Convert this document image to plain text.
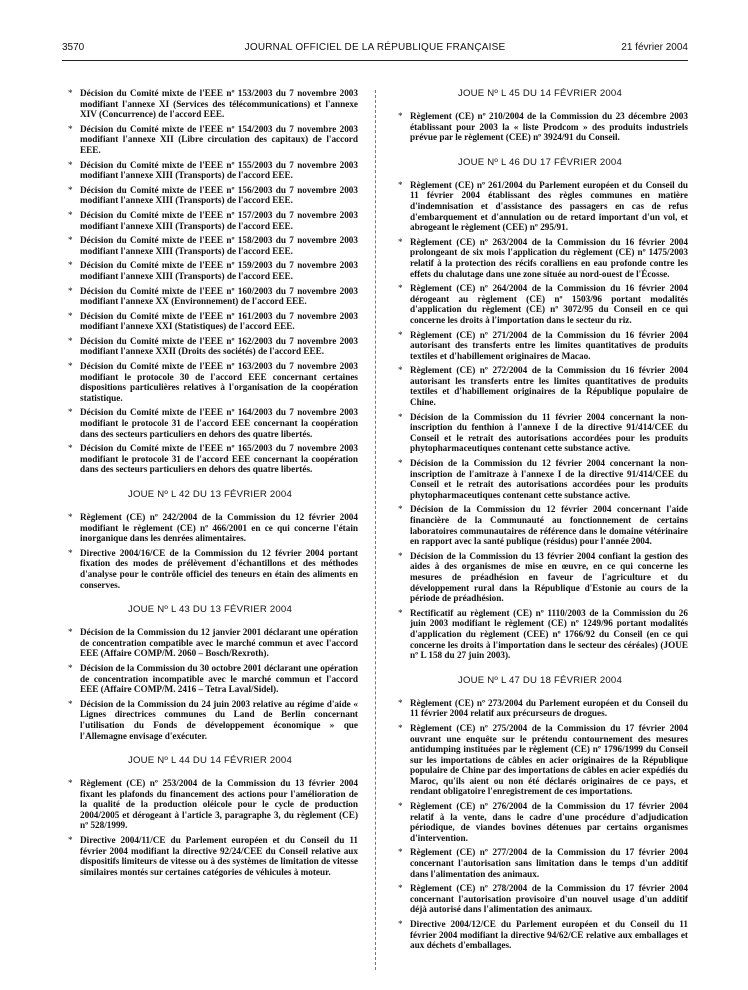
3570	JOURNAL OFFICIEL DE LA RÉPUBLIQUE FRANÇAISE	21 février 2004
* Décision du Comité mixte de l'EEE nº 153/2003 du 7 novembre 2003 modifiant l'annexe XI (Services des télécommunications) et l'annexe XIV (Concurrence) de l'accord EEE.
* Décision du Comité mixte de l'EEE nº 154/2003 du 7 novembre 2003 modifiant l'annexe XII (Libre circulation des capitaux) de l'accord EEE.
* Décision du Comité mixte de l'EEE nº 155/2003 du 7 novembre 2003 modifiant l'annexe XIII (Transports) de l'accord EEE.
* Décision du Comité mixte de l'EEE nº 156/2003 du 7 novembre 2003 modifiant l'annexe XIII (Transports) de l'accord EEE.
* Décision du Comité mixte de l'EEE nº 157/2003 du 7 novembre 2003 modifiant l'annexe XIII (Transports) de l'accord EEE.
* Décision du Comité mixte de l'EEE nº 158/2003 du 7 novembre 2003 modifiant l'annexe XIII (Transports) de l'accord EEE.
* Décision du Comité mixte de l'EEE nº 159/2003 du 7 novembre 2003 modifiant l'annexe XIII (Transports) de l'accord EEE.
* Décision du Comité mixte de l'EEE nº 160/2003 du 7 novembre 2003 modifiant l'annexe XX (Environnement) de l'accord EEE.
* Décision du Comité mixte de l'EEE nº 161/2003 du 7 novembre 2003 modifiant l'annexe XXI (Statistiques) de l'accord EEE.
* Décision du Comité mixte de l'EEE nº 162/2003 du 7 novembre 2003 modifiant l'annexe XXII (Droits des sociétés) de l'accord EEE.
* Décision du Comité mixte de l'EEE nº 163/2003 du 7 novembre 2003 modifiant le protocole 30 de l'accord EEE concernant certaines dispositions particulières relatives à l'organisation de la coopération statistique.
* Décision du Comité mixte de l'EEE nº 164/2003 du 7 novembre 2003 modifiant le protocole 31 de l'accord EEE concernant la coopération dans des secteurs particuliers en dehors des quatre libertés.
* Décision du Comité mixte de l'EEE nº 165/2003 du 7 novembre 2003 modifiant le protocole 31 de l'accord EEE concernant la coopération dans des secteurs particuliers en dehors des quatre libertés.
JOUE Nº L 42 DU 13 FÉVRIER 2004
* Règlement (CE) nº 242/2004 de la Commission du 12 février 2004 modifiant le règlement (CE) nº 466/2001 en ce qui concerne l'étain inorganique dans les denrées alimentaires.
* Directive 2004/16/CE de la Commission du 12 février 2004 portant fixation des modes de prélèvement d'échantillons et des méthodes d'analyse pour le contrôle officiel des teneurs en étain des aliments en conserves.
JOUE Nº L 43 DU 13 FÉVRIER 2004
* Décision de la Commission du 12 janvier 2001 déclarant une opération de concentration compatible avec le marché commun et avec l'accord EEE (Affaire COMP/M. 2060 – Bosch/Rexroth).
* Décision de la Commission du 30 octobre 2001 déclarant une opération de concentration incompatible avec le marché commun et l'accord EEE (Affaire COMP/M. 2416 – Tetra Laval/Sidel).
* Décision de la Commission du 24 juin 2003 relative au régime d'aide « Lignes directrices communes du Land de Berlin concernant l'utilisation du Fonds de développement économique » que l'Allemagne envisage d'exécuter.
JOUE Nº L 44 DU 14 FÉVRIER 2004
* Règlement (CE) nº 253/2004 de la Commission du 13 février 2004 fixant les plafonds du financement des actions pour l'amélioration de la qualité de la production oléicole pour le cycle de production 2004/2005 et dérogeant à l'article 3, paragraphe 3, du règlement (CE) nº 528/1999.
* Directive 2004/11/CE du Parlement européen et du Conseil du 11 février 2004 modifiant la directive 92/24/CEE du Conseil relative aux dispositifs limiteurs de vitesse ou à des systèmes de limitation de vitesse similaires montés sur certaines catégories de véhicules à moteur.
JOUE Nº L 45 DU 14 FÉVRIER 2004
* Règlement (CE) nº 210/2004 de la Commission du 23 décembre 2003 établissant pour 2003 la « liste Prodcom » des produits industriels prévue par le règlement (CEE) nº 3924/91 du Conseil.
JOUE Nº L 46 DU 17 FÉVRIER 2004
* Règlement (CE) nº 261/2004 du Parlement européen et du Conseil du 11 février 2004 établissant des règles communes en matière d'indemnisation et d'assistance des passagers en cas de refus d'embarquement et d'annulation ou de retard important d'un vol, et abrogeant le règlement (CEE) nº 295/91.
* Règlement (CE) nº 263/2004 de la Commission du 16 février 2004 prolongeant de six mois l'application du règlement (CE) nº 1475/2003 relatif à la protection des récifs coralliens en eau profonde contre les effets du chalutage dans une zone située au nord-ouest de l'Écosse.
* Règlement (CE) nº 264/2004 de la Commission du 16 février 2004 dérogeant au règlement (CE) nº 1503/96 portant modalités d'application du règlement (CE) nº 3072/95 du Conseil en ce qui concerne les droits à l'importation dans le secteur du riz.
* Règlement (CE) nº 271/2004 de la Commission du 16 février 2004 autorisant des transferts entre les limites quantitatives de produits textiles et d'habillement originaires de Macao.
* Règlement (CE) nº 272/2004 de la Commission du 16 février 2004 autorisant les transferts entre les limites quantitatives de produits textiles et d'habillement originaires de la République populaire de Chine.
* Décision de la Commission du 11 février 2004 concernant la non-inscription du fenthion à l'annexe I de la directive 91/414/CEE du Conseil et le retrait des autorisations accordées pour les produits phytopharmaceutiques contenant cette substance active.
* Décision de la Commission du 12 février 2004 concernant la non-inscription de l'amitraze à l'annexe I de la directive 91/414/CEE du Conseil et le retrait des autorisations accordées pour les produits phytopharmaceutiques contenant cette substance active.
* Décision de la Commission du 12 février 2004 concernant l'aide financière de la Communauté au fonctionnement de certains laboratoires communautaires de référence dans le domaine vétérinaire en rapport avec la santé publique (résidus) pour l'année 2004.
* Décision de la Commission du 13 février 2004 confiant la gestion des aides à des organismes de mise en œuvre, en ce qui concerne les mesures de préadhésion en faveur de l'agriculture et du développement rural dans la République d'Estonie au cours de la période de préadhésion.
* Rectificatif au règlement (CE) nº 1110/2003 de la Commission du 26 juin 2003 modifiant le règlement (CE) nº 1249/96 portant modalités d'application du règlement (CEE) nº 1766/92 du Conseil (en ce qui concerne les droits à l'importation dans le secteur des céréales) (JOUE nº L 158 du 27 juin 2003).
JOUE Nº L 47 DU 18 FÉVRIER 2004
* Règlement (CE) nº 273/2004 du Parlement européen et du Conseil du 11 février 2004 relatif aux précurseurs de drogues.
* Règlement (CE) nº 275/2004 de la Commission du 17 février 2004 ouvrant une enquête sur le prétendu contournement des mesures antidumping instituées par le règlement (CE) nº 1796/1999 du Conseil sur les importations de câbles en acier originaires de la République populaire de Chine par des importations de câbles en acier expédiés du Maroc, qu'ils aient ou non été déclarés originaires de ce pays, et rendant obligatoire l'enregistrement de ces importations.
* Règlement (CE) nº 276/2004 de la Commission du 17 février 2004 relatif à la vente, dans le cadre d'une procédure d'adjudication périodique, de viandes bovines détenues par certains organismes d'intervention.
* Règlement (CE) nº 277/2004 de la Commission du 17 février 2004 concernant l'autorisation sans limitation dans le temps d'un additif dans l'alimentation des animaux.
* Règlement (CE) nº 278/2004 de la Commission du 17 février 2004 concernant l'autorisation provisoire d'un nouvel usage d'un additif déjà autorisé dans l'alimentation des animaux.
* Directive 2004/12/CE du Parlement européen et du Conseil du 11 février 2004 modifiant la directive 94/62/CE relative aux emballages et aux déchets d'emballages.
